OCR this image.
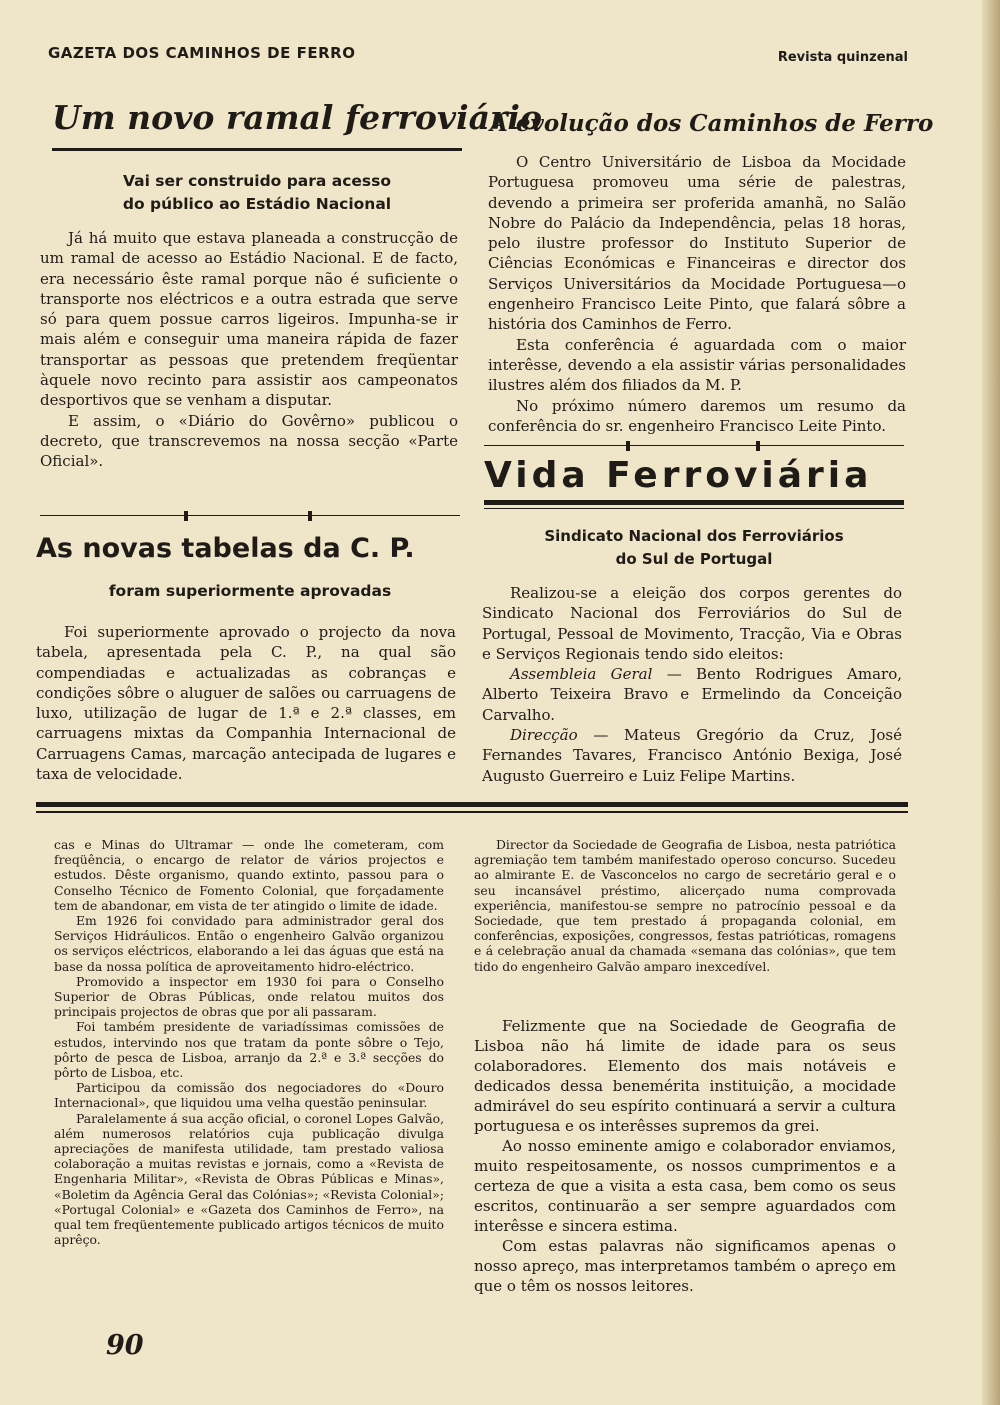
GAZETA DOS CAMINHOS DE FERRO	Revista quinzenal
Um novo ramal ferroviário
Vai ser construido para acesso
do público ao Estádio Nacional

Já há muito que estava planeada a construcção de um ramal de acesso ao Estádio Nacional. E de facto, era necessário êste ramal porque não é suficiente o transporte nos eléctricos e a outra estrada que serve só para quem possue carros ligeiros. Impunha-se ir mais além e conseguir uma maneira rápida de fazer transportar as pessoas que pretendem freqüentar àquele novo recinto para assistir aos campeonatos desportivos que se venham a disputar.

E assim, o «Diário do Govêrno» publicou o decreto, que transcrevemos na nossa secção «Parte Oficial».

As novas tabelas da C. P.
foram superiormente aprovadas

Foi superiormente aprovado o projecto da nova tabela, apresentada pela C. P., na qual são compendiadas e actualizadas as cobranças e condições sôbre o aluguer de salões ou carruagens de luxo, utilização de lugar de 1.ª e 2.ª classes, em carruagens mixtas da Companhia Internacional de Carruagens Camas, marcação antecipada de lugares e taxa de velocidade.

A evolução dos Caminhos de Ferro

O Centro Universitário de Lisboa da Mocidade Portuguesa promoveu uma série de palestras, devendo a primeira ser proferida amanhã, no Salão Nobre do Palácio da Independência, pelas 18 horas, pelo ilustre professor do Instituto Superior de Ciências Económicas e Financeiras e director dos Serviços Universitários da Mocidade Portuguesa—o engenheiro Francisco Leite Pinto, que falará sôbre a história dos Caminhos de Ferro.

Esta conferência é aguardada com o maior interêsse, devendo a ela assistir várias personalidades ilustres além dos filiados da M. P.

No próximo número daremos um resumo da conferência do sr. engenheiro Francisco Leite Pinto.

Vida Ferroviária
Sindicato Nacional dos Ferroviários
do Sul de Portugal

Realizou-se a eleição dos corpos gerentes do Sindicato Nacional dos Ferroviários do Sul de Portugal, Pessoal de Movimento, Tracção, Via e Obras e Serviços Regionais tendo sido eleitos:

Assembleia Geral — Bento Rodrigues Amaro, Alberto Teixeira Bravo e Ermelindo da Conceição Carvalho.

Direcção — Mateus Gregório da Cruz, José Fernandes Tavares, Francisco António Bexiga, José Augusto Guerreiro e Luiz Felipe Martins.

cas e Minas do Ultramar — onde lhe cometeram, com freqüência, o encargo de relator de vários projectos e estudos. Dêste organismo, quando extinto, passou para o Conselho Técnico de Fomento Colonial, que forçadamente tem de abandonar, em vista de ter atingido o limite de idade.

Em 1926 foi convidado para administrador geral dos Serviços Hidráulicos. Então o engenheiro Galvão organizou os serviços eléctricos, elaborando a lei das águas que está na base da nossa política de aproveitamento hidro-eléctrico.

Promovido a inspector em 1930 foi para o Conselho Superior de Obras Públicas, onde relatou muitos dos principais projectos de obras que por ali passaram.

Foi também presidente de variadíssimas comissões de estudos, intervindo nos que tratam da ponte sôbre o Tejo, pôrto de pesca de Lisboa, arranjo da 2.ª e 3.ª secções do pôrto de Lisboa, etc.

Participou da comissão dos negociadores do «Douro Internacional», que liquidou uma velha questão peninsular.

Paralelamente á sua acção oficial, o coronel Lopes Galvão, além numerosos relatórios cuja publicação divulga apreciações de manifesta utilidade, tam prestado valiosa colaboração a muitas revistas e jornais, como a «Revista de Engenharia Militar», «Revista de Obras Públicas e Minas», «Boletim da Agência Geral das Colónias»; «Revista Colonial»; «Portugal Colonial» e «Gazeta dos Caminhos de Ferro», na qual tem freqüentemente publicado artigos técnicos de muito aprêço.

Director da Sociedade de Geografia de Lisboa, nesta patriótica agremiação tem também manifestado operoso concurso. Sucedeu ao almirante E. de Vasconcelos no cargo de secretário geral e o seu incansável préstimo, alicerçado numa comprovada experiência, manifestou-se sempre no patrocínio pessoal e da Sociedade, que tem prestado á propaganda colonial, em conferências, exposições, congressos, festas patrióticas, romagens e á celebração anual da chamada «semana das colónias», que tem tido do engenheiro Galvão amparo inexcedível.

Felizmente que na Sociedade de Geografia de Lisboa não há limite de idade para os seus colaboradores. Elemento dos mais notáveis e dedicados dessa benemérita instituição, a mocidade admirável do seu espírito continuará a servir a cultura portuguesa e os interêsses supremos da grei.

Ao nosso eminente amigo e colaborador enviamos, muito respeitosamente, os nossos cumprimentos e a certeza de que a visita a esta casa, bem como os seus escritos, continuarão a ser sempre aguardados com interêsse e sincera estima.

Com estas palavras não significamos apenas o nosso apreço, mas interpretamos também o apreço em que o têm os nossos leitores.

90
